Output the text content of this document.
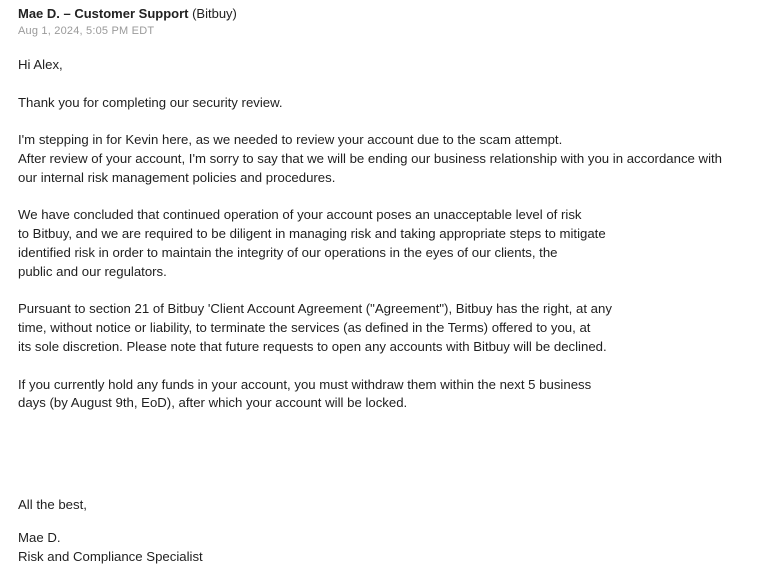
Mae D. – Customer Support (Bitbuy)
Aug 1, 2024, 5:05 PM EDT
Hi Alex,
Thank you for completing our security review.
I'm stepping in for Kevin here, as we needed to review your account due to the scam attempt.
After review of your account, I'm sorry to say that we will be ending our business relationship with you in accordance with
our internal risk management policies and procedures.
We have concluded that continued operation of your account poses an unacceptable level of risk
to Bitbuy, and we are required to be diligent in managing risk and taking appropriate steps to mitigate
identified risk in order to maintain the integrity of our operations in the eyes of our clients, the
public and our regulators.
Pursuant to section 21 of Bitbuy 'Client Account Agreement ("Agreement"), Bitbuy has the right, at any
time, without notice or liability, to terminate the services (as defined in the Terms) offered to you, at
its sole discretion. Please note that future requests to open any accounts with Bitbuy will be declined.
If you currently hold any funds in your account, you must withdraw them within the next 5 business
days (by August 9th, EoD), after which your account will be locked.
All the best,
Mae D.
Risk and Compliance Specialist
